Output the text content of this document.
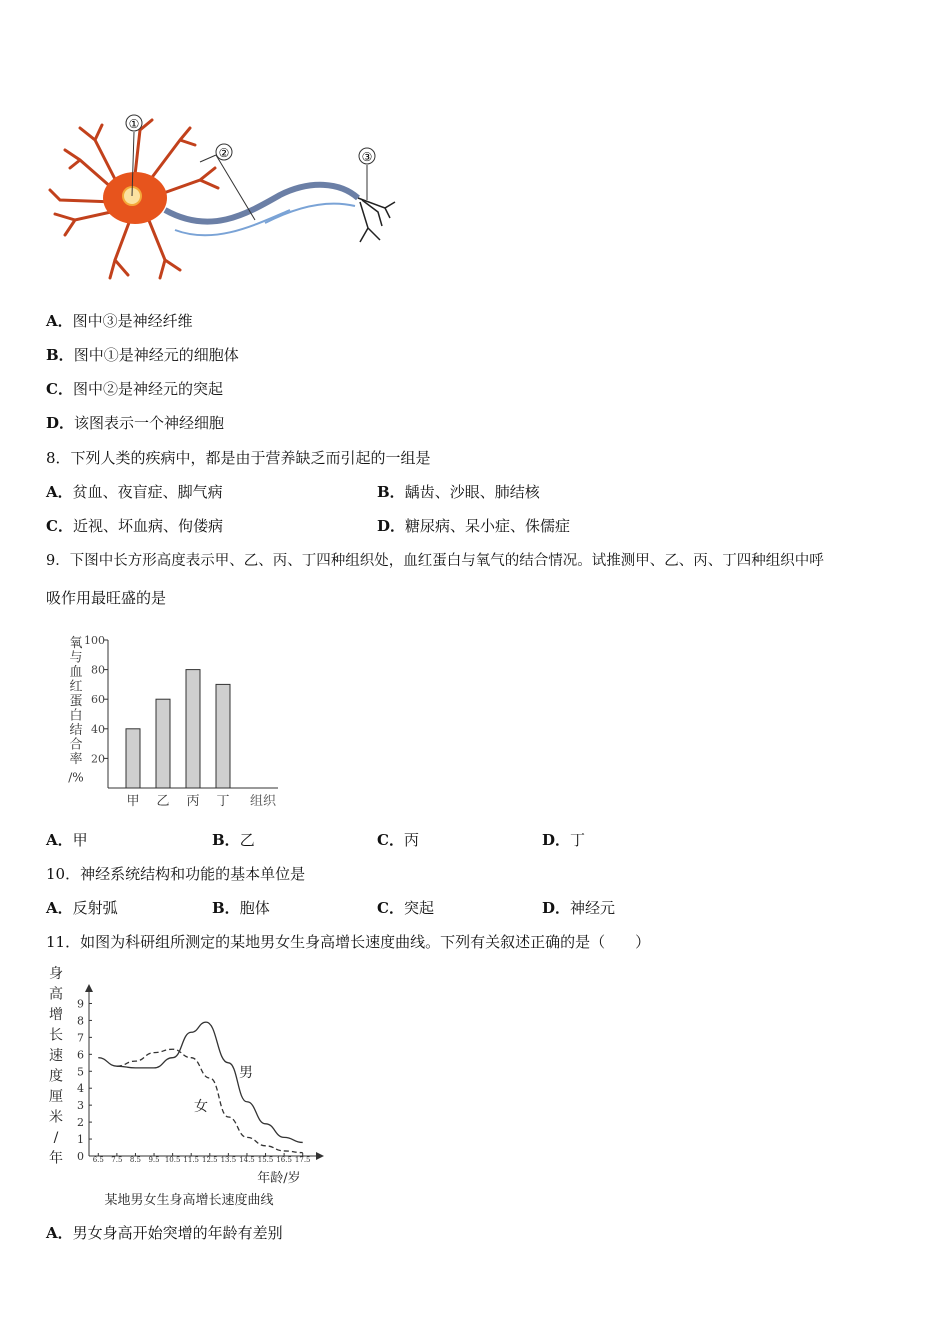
①
②	③
A．图中③是神经纤维
B．图中①是神经元的细胞体
C．图中②是神经元的突起
D．该图表示一个神经细胞
8．下列人类的疾病中，都是由于营养缺乏而引起的一组是
A．贫血、夜盲症、脚气病	B．龋齿、沙眼、肺结核
C．近视、坏血病、佝偻病	D．糖尿病、呆小症、侏儒症
9．下图中长方形高度表示甲、乙、丙、丁四种组织处，血红蛋白与氧气的结合情况。试推测甲、乙、丙、丁四种组织中呼
吸作用最旺盛的是
20
40
60
80
100
氧
与
血
红
蛋
白
结
合
率
/%
甲 乙 丙 丁 组织
A．甲	B．乙	C．丙	D．丁
10．神经系统结构和功能的基本单位是
A．反射弧	B．胞体	C．突起	D．神经元
11．如图为科研组所测定的某地男女生身高增长速度曲线。下列有关叙述正确的是（　　）
0
1
2
3
4
5
6
7
8
9
6.5 7.5 8.5 9.5 10.5 11.5 12.5 13.5 14.5 15.5 16.5 17.5
身
高
增
长
速
度
厘
米
/
年
年龄/岁
某地男女生身高增长速度曲线
男
女
A．男女身高开始突增的年龄有差别
